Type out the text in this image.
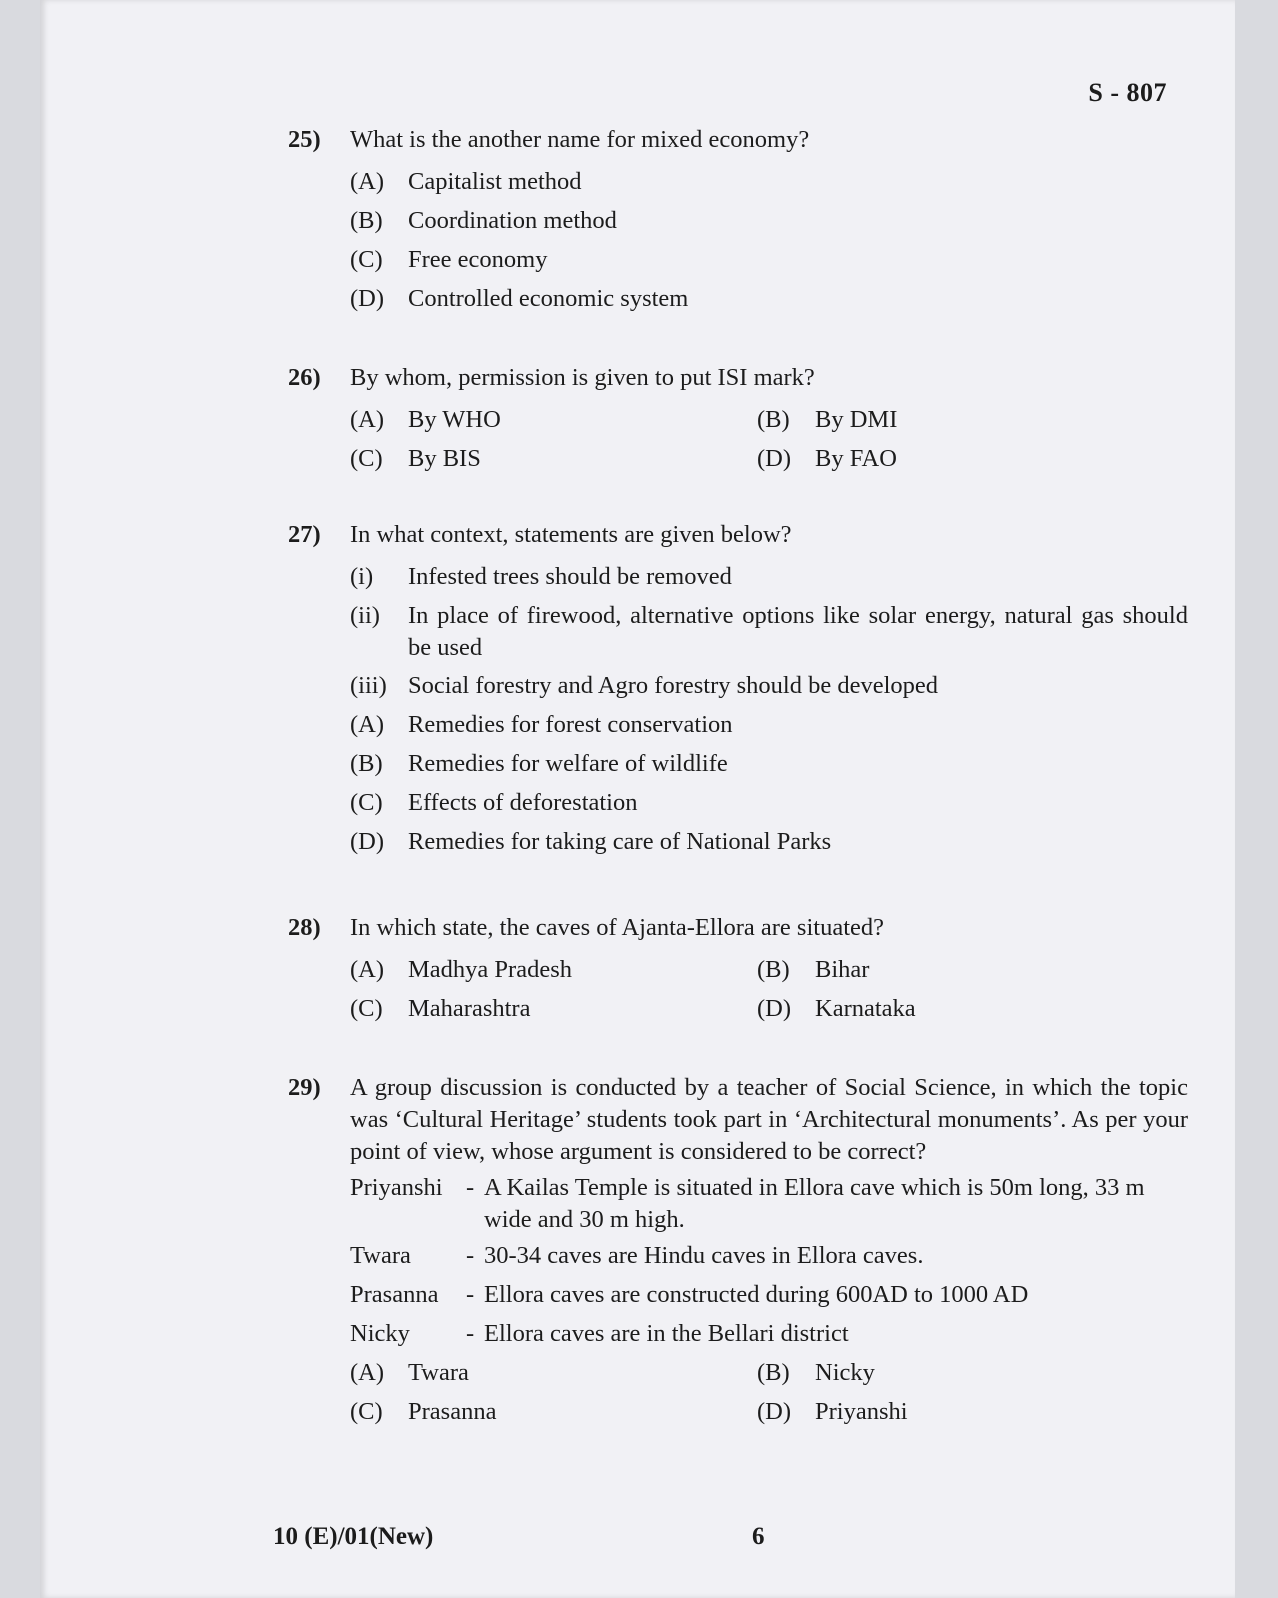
S - 807
25) What is the another name for mixed economy?
(A) Capitalist method
(B)	Coordination method
(C)	Free economy
(D) Controlled economic system
26) By whom, permission is given to put ISI mark?
(A) By WHO	(B)	By DMI
(C)	By BIS	(D) By FAO
27) In what context, statements are given below?
(i)	Infested trees should be removed
(ii)	In place of firewood, alternative options like solar energy, natural gas should be used
(iii) Social forestry and Agro forestry should be developed
(A) Remedies for forest conservation
(B)	Remedies for welfare of wildlife
(C)	Effects of deforestation
(D) Remedies for taking care of National Parks
28) In which state, the caves of Ajanta-Ellora are situated?
(A) Madhya Pradesh	(B)	Bihar
(C)	Maharashtra	(D) Karnataka
29) A group discussion is conducted by a teacher of Social Science, in which the topic was ‘Cultural Heritage’ students took part in ‘Architectural monuments’. As per your point of view, whose argument is considered to be correct?
Priyanshi - A Kailas Temple is situated in Ellora cave which is 50m long, 33 m wide and 30 m high.
Twara	- 30-34 caves are Hindu caves in Ellora caves.
Prasanna	- Ellora caves are constructed during 600AD to 1000 AD
Nicky	- Ellora caves are in the Bellari district
(A) Twara	(B)	Nicky
(C)	Prasanna	(D) Priyanshi
10 (E)/01(New)	6
